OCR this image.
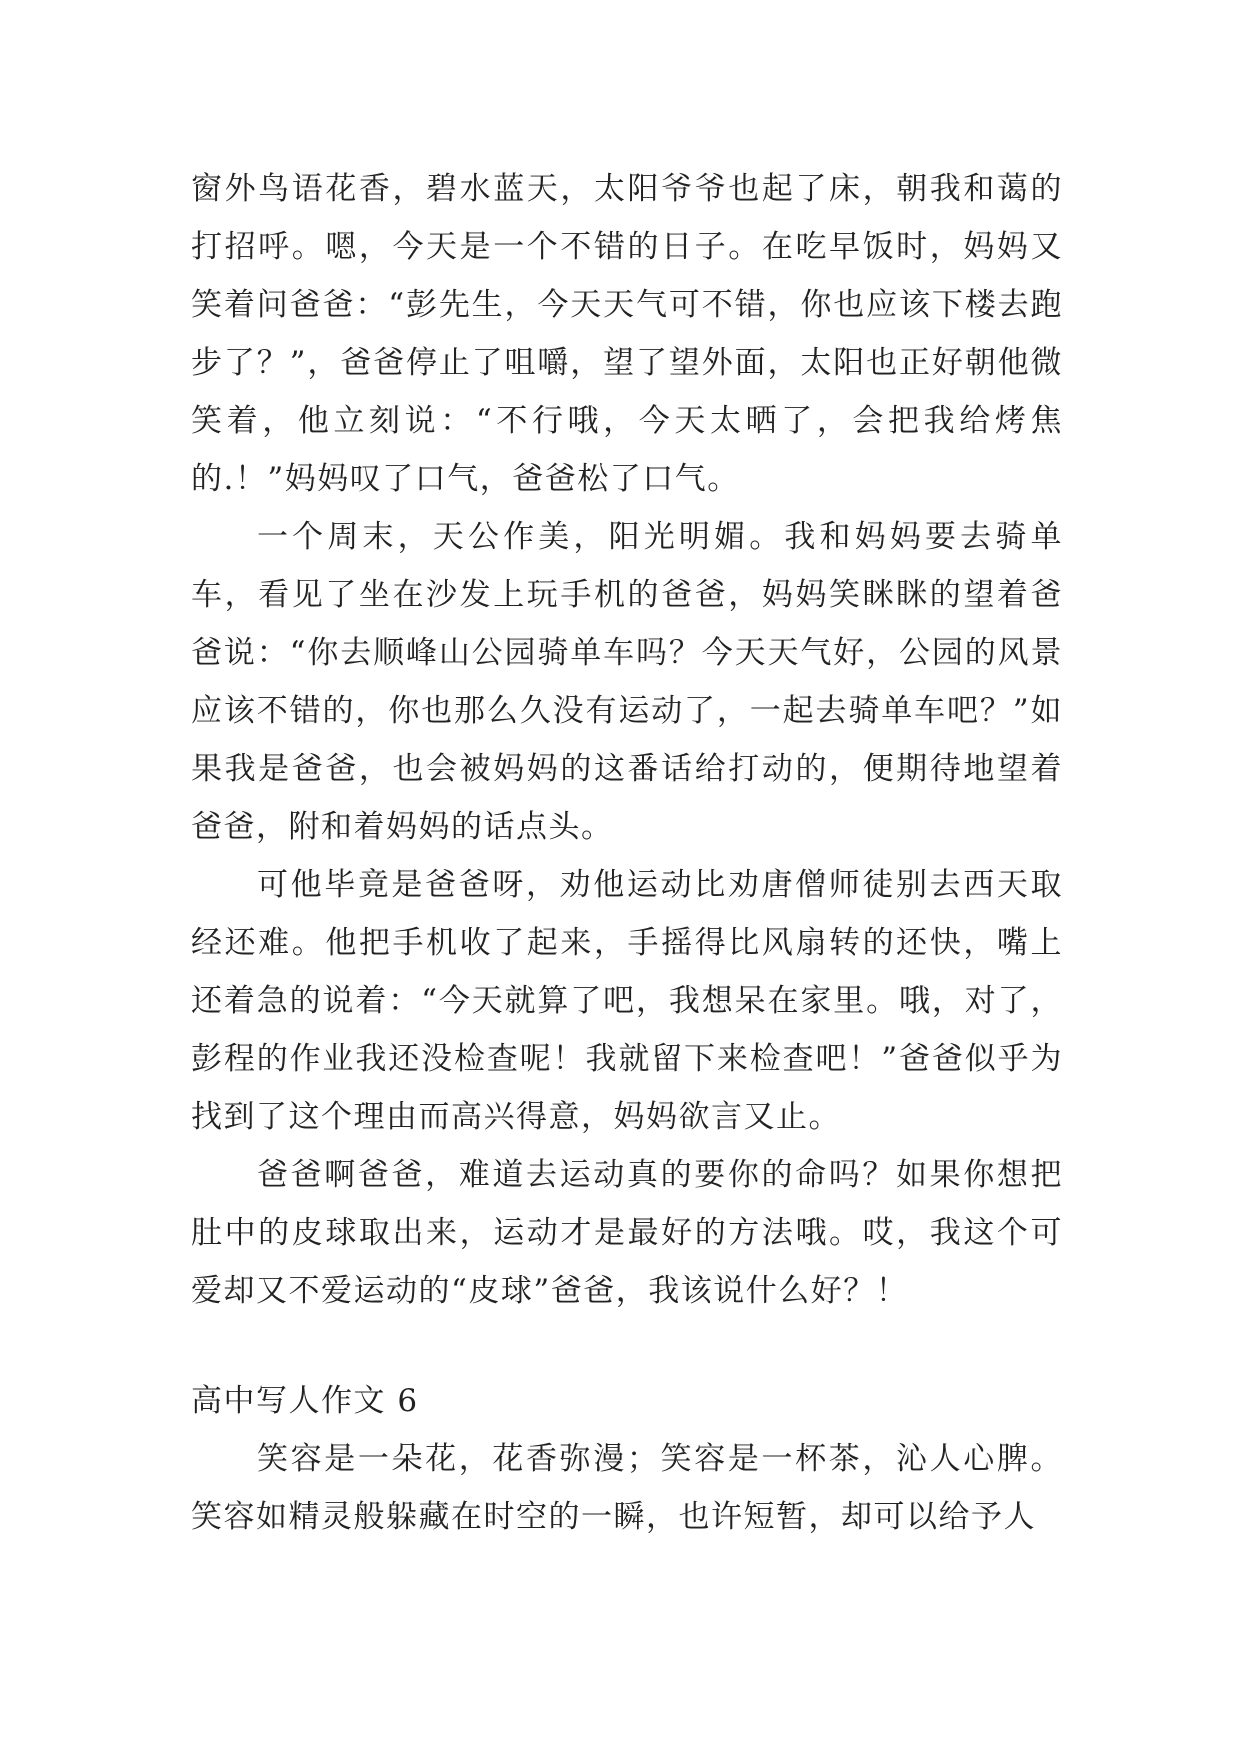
窗外鸟语花香，碧水蓝天，太阳爷爷也起了床，朝我和蔼的打招呼。嗯，今天是一个不错的日子。在吃早饭时，妈妈又笑着问爸爸：“彭先生，今天天气可不错，你也应该下楼去跑步了？”，爸爸停止了咀嚼，望了望外面，太阳也正好朝他微笑着，他立刻说：“不行哦，今天太晒了，会把我给烤焦的.！”妈妈叹了口气，爸爸松了口气。

一个周末，天公作美，阳光明媚。我和妈妈要去骑单车，看见了坐在沙发上玩手机的爸爸，妈妈笑眯眯的望着爸爸说：“你去顺峰山公园骑单车吗？今天天气好，公园的风景应该不错的，你也那么久没有运动了，一起去骑单车吧？”如果我是爸爸，也会被妈妈的这番话给打动的，便期待地望着爸爸，附和着妈妈的话点头。

可他毕竟是爸爸呀，劝他运动比劝唐僧师徒别去西天取经还难。他把手机收了起来，手摇得比风扇转的还快，嘴上还着急的说着：“今天就算了吧，我想呆在家里。哦，对了，彭程的作业我还没检查呢！我就留下来检查吧！”爸爸似乎为找到了这个理由而高兴得意，妈妈欲言又止。

爸爸啊爸爸，难道去运动真的要你的命吗？如果你想把肚中的皮球取出来，运动才是最好的方法哦。哎，我这个可爱却又不爱运动的“皮球”爸爸，我该说什么好？！

高中写人作文 6

笑容是一朵花，花香弥漫；笑容是一杯茶，沁人心脾。笑容如精灵般躲藏在时空的一瞬，也许短暂，却可以给予人
